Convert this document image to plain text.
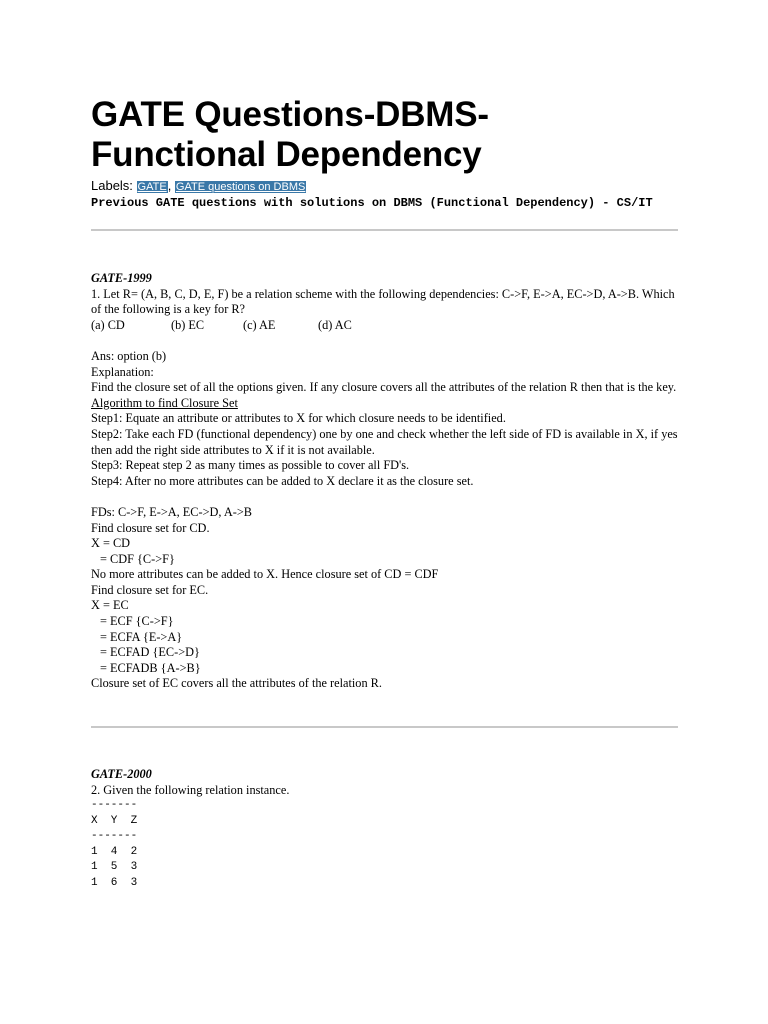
GATE Questions-DBMS-
Functional Dependency
Labels: GATE, GATE questions on DBMS
Previous GATE questions with solutions on DBMS (Functional Dependency) - CS/IT

GATE-1999

1. Let R= (A, B, C, D, E, F) be a relation scheme with the following dependencies: C->F, E->A, EC->D, A->B. Which of the following is a key for R?

(a) CD	(b) EC	(c) AE	(d) AC

Ans: option (b)

Explanation:

Find the closure set of all the options given. If any closure covers all the attributes of the relation R then that is the key.

Algorithm to find Closure Set

Step1: Equate an attribute or attributes to X for which closure needs to be identified.

Step2: Take each FD (functional dependency) one by one and check whether the left side of FD is available in X, if yes then add the right side attributes to X if it is not available.

Step3: Repeat step 2 as many times as possible to cover all FD's.

Step4: After no more attributes can be added to X declare it as the closure set.

FDs: C->F, E->A, EC->D, A->B

Find closure set for CD.

X = CD

= CDF {C->F}

No more attributes can be added to X. Hence closure set of CD = CDF

Find closure set for EC.

X = EC

= ECF {C->F}

= ECFA {E->A}

= ECFAD {EC->D}

= ECFADB {A->B}

Closure set of EC covers all the attributes of the relation R.

GATE-2000

2. Given the following relation instance.

-------

X  Y  Z

-------

1  4  2

1  5  3

1  6  3
